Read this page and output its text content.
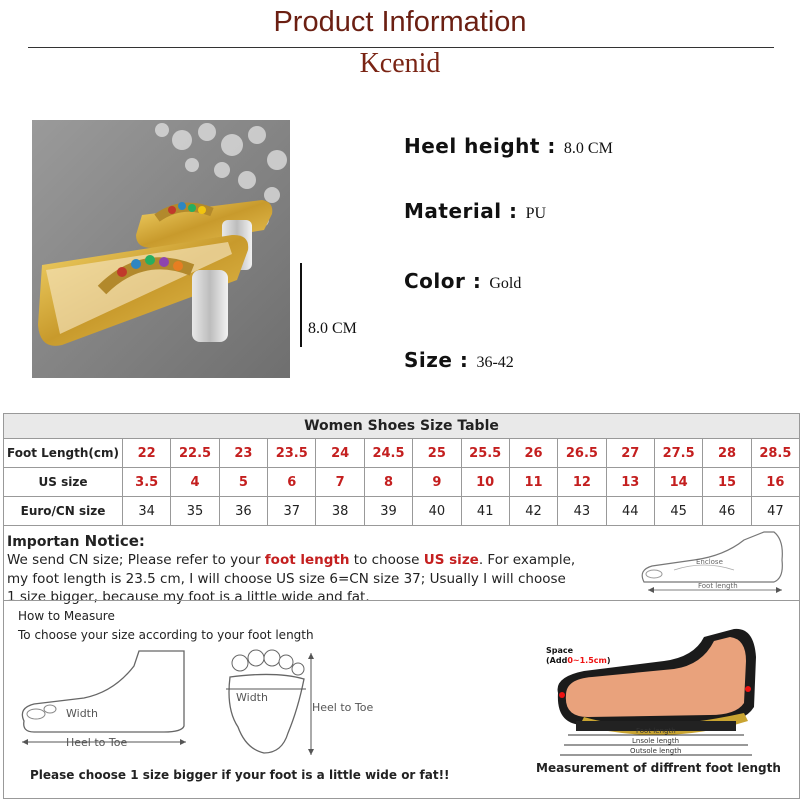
Product Information
Kcenid
8.0 CM
Heel height : 8.0 CM
Material : PU
Color : Gold
Size : 36-42
Women Shoes Size Table
Foot Length(cm)	22	22.5	23	23.5	24	24.5	25	25.5	26	26.5	27	27.5	28	28.5
US size	3.5	4	5	6	7	8	9	10	11	12	13	14	15	16
Euro/CN size	34	35	36	37	38	39	40	41	42	43	44	45	46	47
Importan Notice:
We send CN size; Please refer to your foot length to choose US size. For example,
my foot length is 23.5 cm, I will choose US size 6=CN size 37; Usually I will choose
1 size bigger, because my foot is a little wide and fat.
Enclose
Foot length
How to Measure
To choose your size according to your foot length
Width
Heel to Toe
Width
Heel to Toe
Please choose 1 size bigger if your foot is a little wide or fat!!
Space
(Add0~1.5cm)
Foot length
Lnsole length
Outsole length
Measurement of diffrent foot length
